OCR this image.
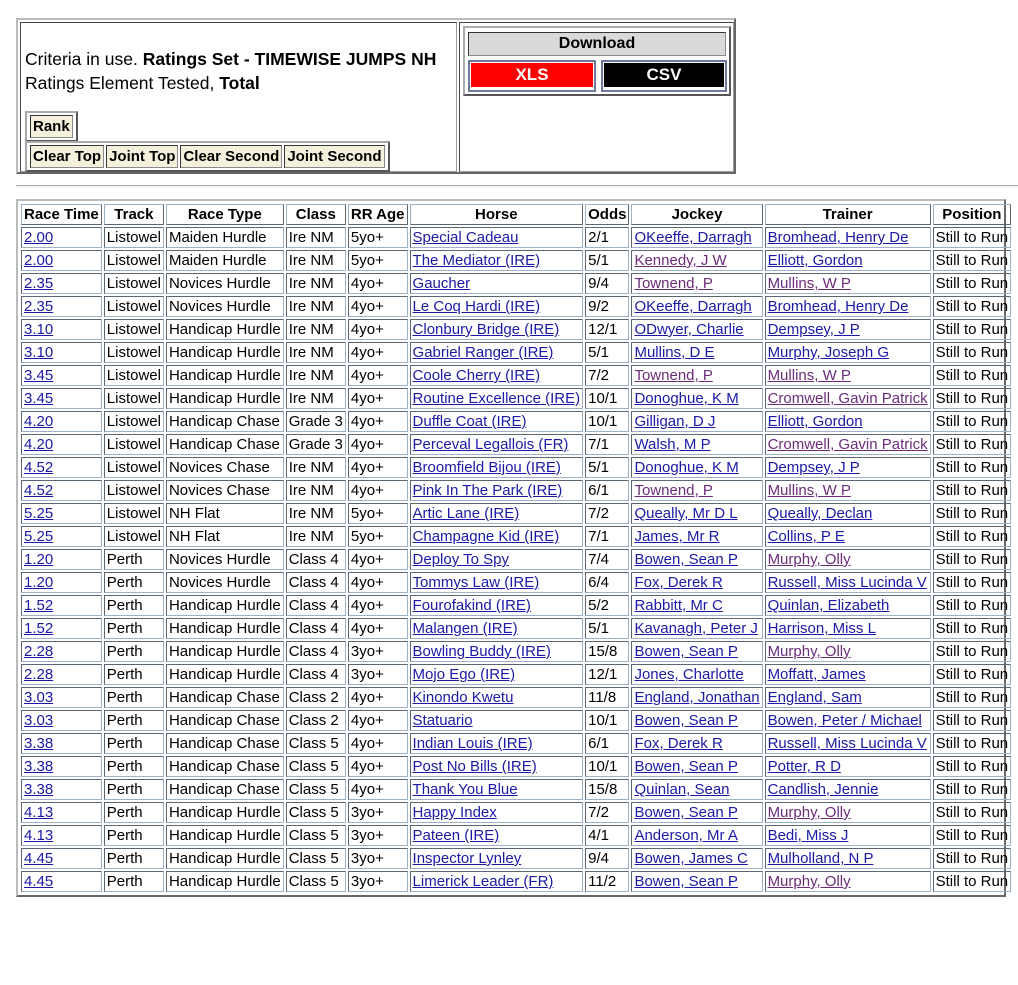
Criteria in use. Ratings Set - TIMEWISE JUMPS NH
Ratings Element Tested, Total
Rank
Clear Top Joint Top Clear Second Joint Second
Download
XLS	CSV
Race Time	Track	Race Type	Class	RR Age	Horse	Odds	Jockey	Trainer	Position
2.00	Listowel	Maiden Hurdle	Ire NM	5yo+	Special Cadeau	2/1	OKeeffe, Darragh	Bromhead, Henry De	Still to Run
2.00	Listowel	Maiden Hurdle	Ire NM	5yo+	The Mediator (IRE)	5/1	Kennedy, J W	Elliott, Gordon	Still to Run
2.35	Listowel	Novices Hurdle	Ire NM	4yo+	Gaucher	9/4	Townend, P	Mullins, W P	Still to Run
2.35	Listowel	Novices Hurdle	Ire NM	4yo+	Le Coq Hardi (IRE)	9/2	OKeeffe, Darragh	Bromhead, Henry De	Still to Run
3.10	Listowel	Handicap Hurdle	Ire NM	4yo+	Clonbury Bridge (IRE)	12/1	ODwyer, Charlie	Dempsey, J P	Still to Run
3.10	Listowel	Handicap Hurdle	Ire NM	4yo+	Gabriel Ranger (IRE)	5/1	Mullins, D E	Murphy, Joseph G	Still to Run
3.45	Listowel	Handicap Hurdle	Ire NM	4yo+	Coole Cherry (IRE)	7/2	Townend, P	Mullins, W P	Still to Run
3.45	Listowel	Handicap Hurdle	Ire NM	4yo+	Routine Excellence (IRE)	10/1	Donoghue, K M	Cromwell, Gavin Patrick	Still to Run
4.20	Listowel	Handicap Chase	Grade 3	4yo+	Duffle Coat (IRE)	10/1	Gilligan, D J	Elliott, Gordon	Still to Run
4.20	Listowel	Handicap Chase	Grade 3	4yo+	Perceval Legallois (FR)	7/1	Walsh, M P	Cromwell, Gavin Patrick	Still to Run
4.52	Listowel	Novices Chase	Ire NM	4yo+	Broomfield Bijou (IRE)	5/1	Donoghue, K M	Dempsey, J P	Still to Run
4.52	Listowel	Novices Chase	Ire NM	4yo+	Pink In The Park (IRE)	6/1	Townend, P	Mullins, W P	Still to Run
5.25	Listowel	NH Flat	Ire NM	5yo+	Artic Lane (IRE)	7/2	Queally, Mr D L	Queally, Declan	Still to Run
5.25	Listowel	NH Flat	Ire NM	5yo+	Champagne Kid (IRE)	7/1	James, Mr R	Collins, P E	Still to Run
1.20	Perth	Novices Hurdle	Class 4	4yo+	Deploy To Spy	7/4	Bowen, Sean P	Murphy, Olly	Still to Run
1.20	Perth	Novices Hurdle	Class 4	4yo+	Tommys Law (IRE)	6/4	Fox, Derek R	Russell, Miss Lucinda V	Still to Run
1.52	Perth	Handicap Hurdle	Class 4	4yo+	Fourofakind (IRE)	5/2	Rabbitt, Mr C	Quinlan, Elizabeth	Still to Run
1.52	Perth	Handicap Hurdle	Class 4	4yo+	Malangen (IRE)	5/1	Kavanagh, Peter J	Harrison, Miss L	Still to Run
2.28	Perth	Handicap Hurdle	Class 4	3yo+	Bowling Buddy (IRE)	15/8	Bowen, Sean P	Murphy, Olly	Still to Run
2.28	Perth	Handicap Hurdle	Class 4	3yo+	Mojo Ego (IRE)	12/1	Jones, Charlotte	Moffatt, James	Still to Run
3.03	Perth	Handicap Chase	Class 2	4yo+	Kinondo Kwetu	11/8	England, Jonathan	England, Sam	Still to Run
3.03	Perth	Handicap Chase	Class 2	4yo+	Statuario	10/1	Bowen, Sean P	Bowen, Peter / Michael	Still to Run
3.38	Perth	Handicap Chase	Class 5	4yo+	Indian Louis (IRE)	6/1	Fox, Derek R	Russell, Miss Lucinda V	Still to Run
3.38	Perth	Handicap Chase	Class 5	4yo+	Post No Bills (IRE)	10/1	Bowen, Sean P	Potter, R D	Still to Run
3.38	Perth	Handicap Chase	Class 5	4yo+	Thank You Blue	15/8	Quinlan, Sean	Candlish, Jennie	Still to Run
4.13	Perth	Handicap Hurdle	Class 5	3yo+	Happy Index	7/2	Bowen, Sean P	Murphy, Olly	Still to Run
4.13	Perth	Handicap Hurdle	Class 5	3yo+	Pateen (IRE)	4/1	Anderson, Mr A	Bedi, Miss J	Still to Run
4.45	Perth	Handicap Hurdle	Class 5	3yo+	Inspector Lynley	9/4	Bowen, James C	Mulholland, N P	Still to Run
4.45	Perth	Handicap Hurdle	Class 5	3yo+	Limerick Leader (FR)	11/2	Bowen, Sean P	Murphy, Olly	Still to Run
